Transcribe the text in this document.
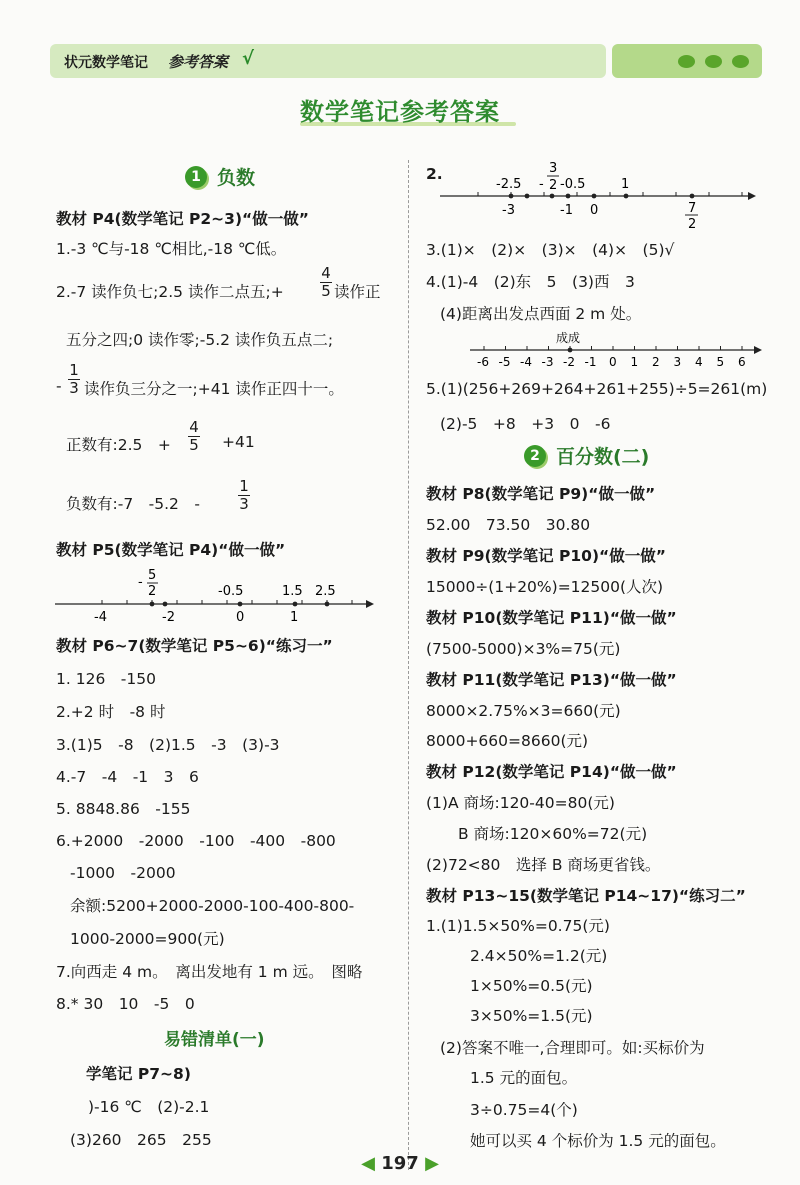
状元数学笔记 参考答案 √
数学笔记参考答案
1 负数
教材 P4(数学笔记 P2~3)“做一做”
1.-3 ℃与-18 ℃相比,-18 ℃低。
2.-7 读作负七;2.5 读作二点五;+
4
5 读作正
五分之四;0 读作零;-5.2 读作负五点二;
-
1
3 读作负三分之一;+41 读作正四十一。
正数有:2.5　+
4
5 +41
负数有:-7　-5.2　-
1
3
教材 P5(数学笔记 P4)“做一做”
- 5
2	-0.5	1.5 2.5
-4	-2	0	1
教材 P6~7(数学笔记 P5~6)“练习一”
1. 126　-150
2.+2 时　-8 时
3.(1)5　-8　(2)1.5　-3　(3)-3
4.-7　-4　-1　3　6
5. 8848.86　-155
6.+2000　-2000　-100　-400　-800
-1000　-2000
余额:5200+2000-2000-100-400-800-
1000-2000=900(元)
7.向西走 4 m。　离出发地有 1 m 远。　图略
8.* 30　10　-5　0
易错清单(一)
学笔记 P7~8)
)-16 ℃　(2)-2.1
(3)260　265　255
2.
-2.5 -
3
2 -0.5	1
-3	-1 0	7
2
3.(1)×　(2)×　(3)×　(4)×　(5)√
4.(1)-4　(2)东　5　(3)西　3
(4)距离出发点西面 2 m 处。
成成
-6 -5 -4 -3 -2 -1 0 1 2 3 4 5 6
5.(1)(256+269+264+261+255)÷5=261(m)
(2)-5　+8　+3　0　-6
2 百分数(二)
教材 P8(数学笔记 P9)“做一做”
52.00　73.50　30.80
教材 P9(数学笔记 P10)“做一做”
15000÷(1+20%)=12500(人次)
教材 P10(数学笔记 P11)“做一做”
(7500-5000)×3%=75(元)
教材 P11(数学笔记 P13)“做一做”
8000×2.75%×3=660(元)
8000+660=8660(元)
教材 P12(数学笔记 P14)“做一做”
(1)A 商场:120-40=80(元)
B 商场:120×60%=72(元)
(2)72<80　选择 B 商场更省钱。
教材 P13~15(数学笔记 P14~17)“练习二”
1.(1)1.5×50%=0.75(元)
2.4×50%=1.2(元)
1×50%=0.5(元)
3×50%=1.5(元)
(2)答案不唯一,合理即可。如:买标价为
1.5 元的面包。
3÷0.75=4(个)
她可以买 4 个标价为 1.5 元的面包。
◀ 197 ▶
